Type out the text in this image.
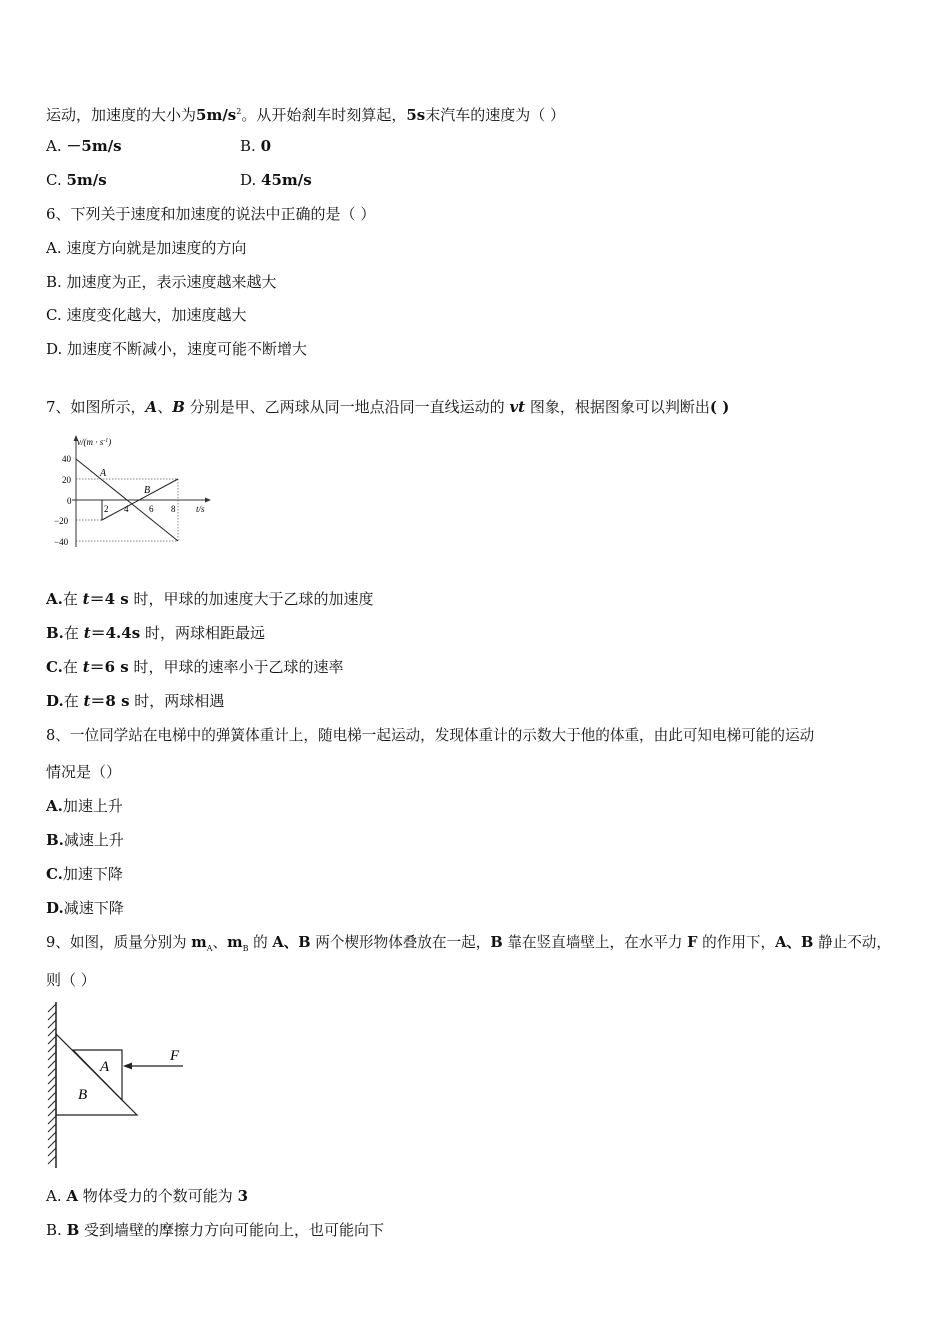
运动，加速度的大小为$5m/s^2$。从开始刹车时刻算起，5s末汽车的速度为（ ）
A. －5m/s	B. 0
C. 5m/s	D. 45m/s
6、下列关于速度和加速度的说法中正确的是（ ）
A. 速度方向就是加速度的方向
B. 加速度为正，表示速度越来越大
C. 速度变化越大，加速度越大
D. 加速度不断减小，速度可能不断增大
7、如图所示，A、B 分别是甲、乙两球从同一地点沿同一直线运动的 vt 图象，根据图象可以判断出( )
$v/(m \cdot s^{-1})$
40
20
0
−20
−40
2 4 6 8 t/s
A
B
A.在 t＝4 s 时，甲球的加速度大于乙球的加速度
B.在 t＝4.4s 时，两球相距最远
C.在 t＝6 s 时，甲球的速率小于乙球的速率
D.在 t＝8 s 时，两球相遇
8、一位同学站在电梯中的弹簧体重计上，随电梯一起运动，发现体重计的示数大于他的体重，由此可知电梯可能的运动
情况是（）
A.加速上升
B.减速上升
C.加速下降
D.减速下降
9、如图，质量分别为 $m_A$、$m_B$ 的 A、B 两个楔形物体叠放在一起，B 靠在竖直墙壁上，在水平力 F 的作用下，A、B 静止不动，
则（ ）
A
B
F
A. A 物体受力的个数可能为 3
B. B 受到墙壁的摩擦力方向可能向上，也可能向下
